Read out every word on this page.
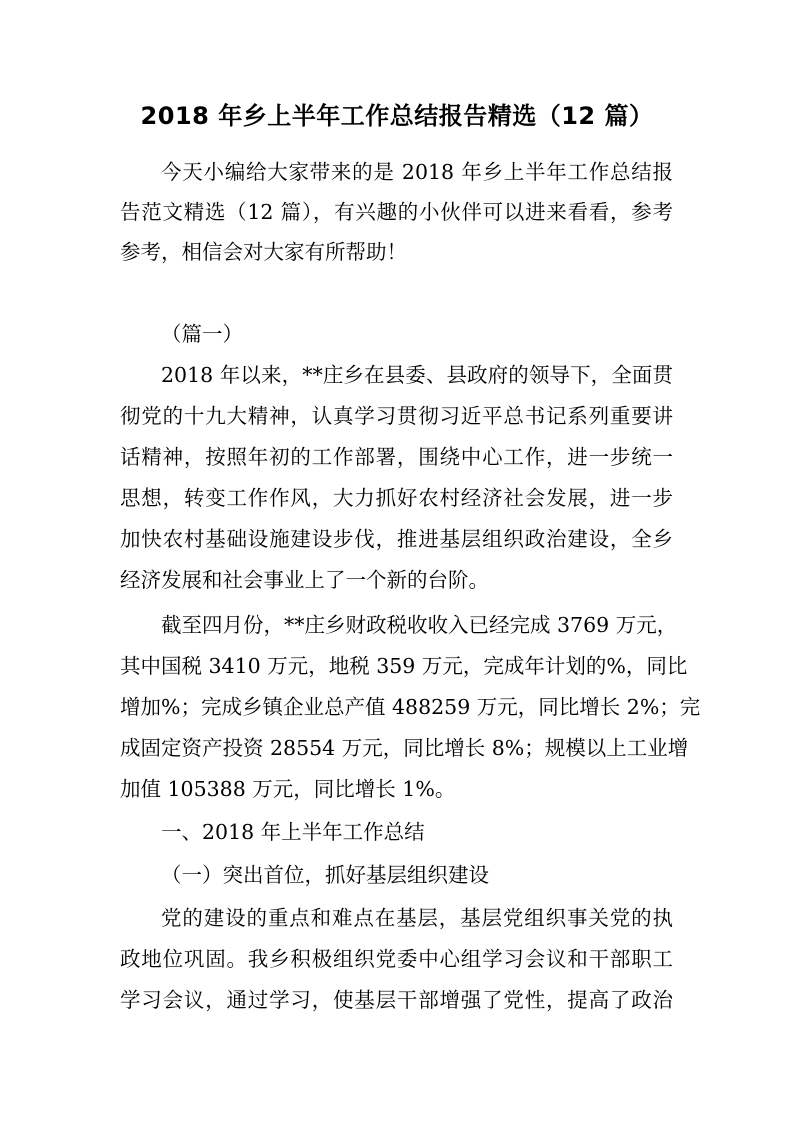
2018 年乡上半年工作总结报告精选（12 篇）
今天小编给大家带来的是 2018 年乡上半年工作总结报
告范文精选（12 篇），有兴趣的小伙伴可以进来看看，参考
参考，相信会对大家有所帮助！
（篇一）
2018 年以来，**庄乡在县委、县政府的领导下，全面贯
彻党的十九大精神，认真学习贯彻习近平总书记系列重要讲
话精神，按照年初的工作部署，围绕中心工作，进一步统一
思想，转变工作作风，大力抓好农村经济社会发展，进一步
加快农村基础设施建设步伐，推进基层组织政治建设，全乡
经济发展和社会事业上了一个新的台阶。
截至四月份，**庄乡财政税收收入已经完成 3769 万元，
其中国税 3410 万元，地税 359 万元，完成年计划的%，同比
增加%；完成乡镇企业总产值 488259 万元，同比增长 2%；完
成固定资产投资 28554 万元，同比增长 8%；规模以上工业增
加值 105388 万元，同比增长 1%。
一、2018 年上半年工作总结
（一）突出首位，抓好基层组织建设
党的建设的重点和难点在基层，基层党组织事关党的执
政地位巩固。我乡积极组织党委中心组学习会议和干部职工
学习会议，通过学习，使基层干部增强了党性，提高了政治
